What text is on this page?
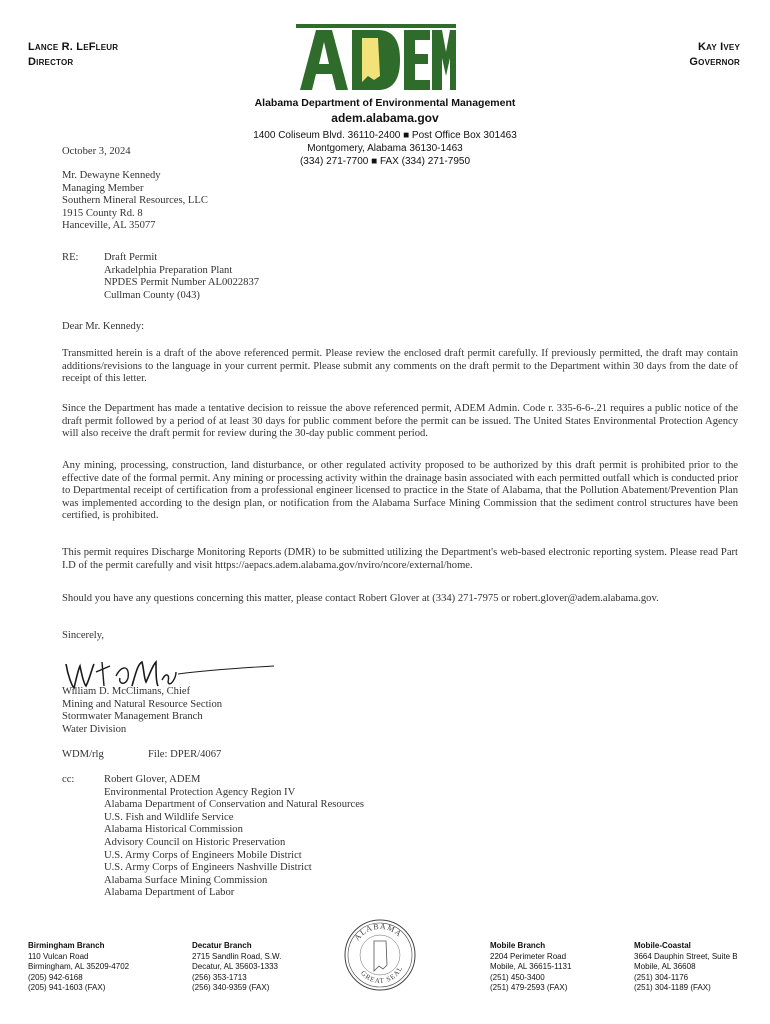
Lance R. LeFleur
Director
Kay Ivey
Governor
Alabama Department of Environmental Management
adem.alabama.gov
1400 Coliseum Blvd. 36110-2400 ■ Post Office Box 301463
Montgomery, Alabama 36130-1463
(334) 271-7700 ■ FAX (334) 271-7950
October 3, 2024
Mr. Dewayne Kennedy
Managing Member
Southern Mineral Resources, LLC
1915 County Rd. 8
Hanceville, AL 35077
RE: Draft Permit
Arkadelphia Preparation Plant
NPDES Permit Number AL0022837
Cullman County (043)
Dear Mr. Kennedy:
Transmitted herein is a draft of the above referenced permit. Please review the enclosed draft permit carefully. If previously permitted, the draft may contain additions/revisions to the language in your current permit. Please submit any comments on the draft permit to the Department within 30 days from the date of receipt of this letter.
Since the Department has made a tentative decision to reissue the above referenced permit, ADEM Admin. Code r. 335-6-6-.21 requires a public notice of the draft permit followed by a period of at least 30 days for public comment before the permit can be issued. The United States Environmental Protection Agency will also receive the draft permit for review during the 30-day public comment period.
Any mining, processing, construction, land disturbance, or other regulated activity proposed to be authorized by this draft permit is prohibited prior to the effective date of the formal permit. Any mining or processing activity within the drainage basin associated with each permitted outfall which is conducted prior to Departmental receipt of certification from a professional engineer licensed to practice in the State of Alabama, that the Pollution Abatement/Prevention Plan was implemented according to the design plan, or notification from the Alabama Surface Mining Commission that the sediment control structures have been certified, is prohibited.
This permit requires Discharge Monitoring Reports (DMR) to be submitted utilizing the Department's web-based electronic reporting system. Please read Part I.D of the permit carefully and visit https://aepacs.adem.alabama.gov/nviro/ncore/external/home.
Should you have any questions concerning this matter, please contact Robert Glover at (334) 271-7975 or robert.glover@adem.alabama.gov.
Sincerely,
William D. McClimans, Chief
Mining and Natural Resource Section
Stormwater Management Branch
Water Division
WDM/rlg	File: DPER/4067
cc:	Robert Glover, ADEM
Environmental Protection Agency Region IV
Alabama Department of Conservation and Natural Resources
U.S. Fish and Wildlife Service
Alabama Historical Commission
Advisory Council on Historic Preservation
U.S. Army Corps of Engineers Mobile District
U.S. Army Corps of Engineers Nashville District
Alabama Surface Mining Commission
Alabama Department of Labor
Birmingham Branch
110 Vulcan Road
Birmingham, AL 35209-4702
(205) 942-6168
(205) 941-1603 (FAX)
Decatur Branch
2715 Sandlin Road, S.W.
Decatur, AL 35603-1333
(256) 353-1713
(256) 340-9359 (FAX)
ALABAMA
GREAT SEAL
Mobile Branch
2204 Perimeter Road
Mobile, AL 36615-1131
(251) 450-3400
(251) 479-2593 (FAX)
Mobile-Coastal
3664 Dauphin Street, Suite B
Mobile, AL 36608
(251) 304-1176
(251) 304-1189 (FAX)
